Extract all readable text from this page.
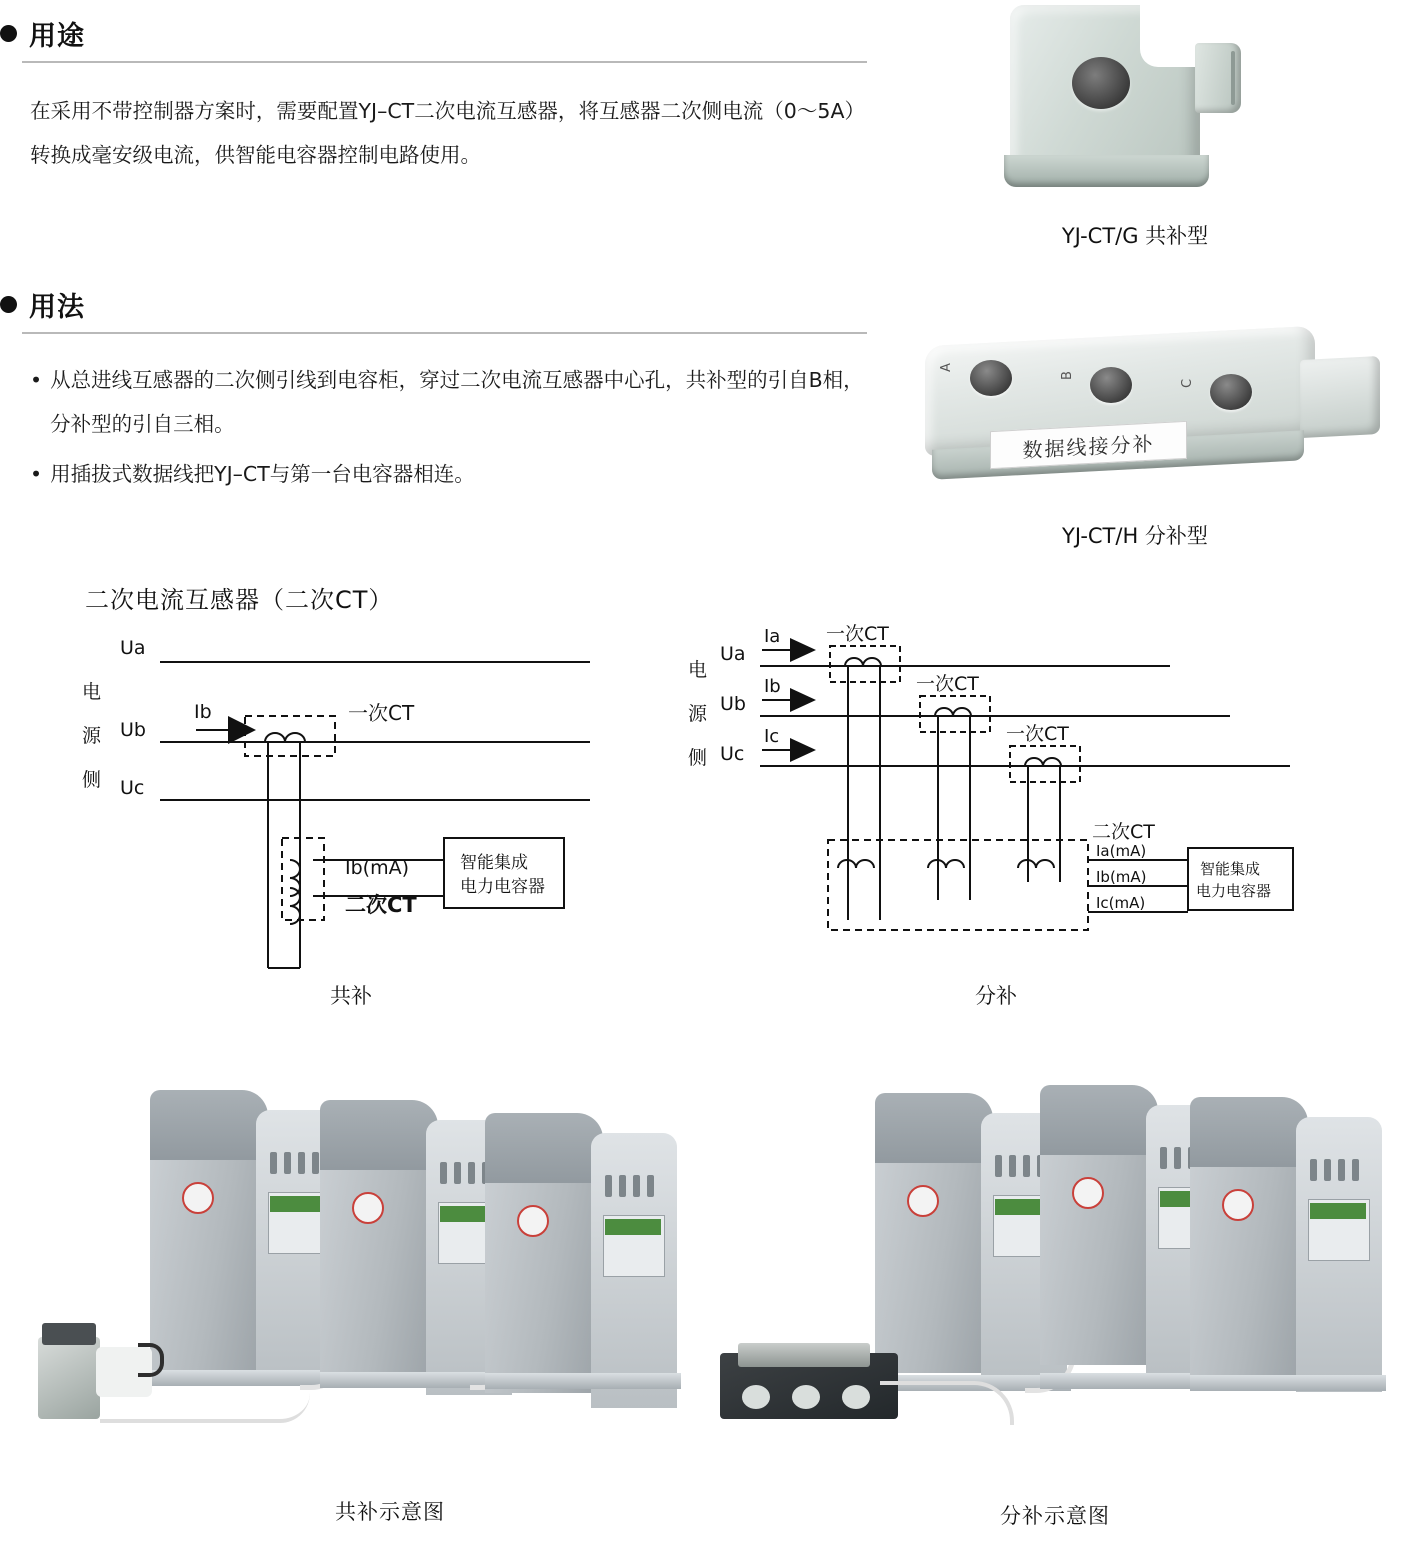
用途
在采用不带控制器方案时，需要配置YJ–CT二次电流互感器，将互感器二次侧电流（0～5A）转换成毫安级电流，供智能电容器控制电路使用。
用法
• 从总进线互感器的二次侧引线到电容柜，穿过二次电流互感器中心孔，共补型的引自B相，分补型的引自三相。
• 用插拔式数据线把YJ–CT与第一台电容器相连。
YJ-CT/G 共补型
A
B
C
数据线接分补
YJ-CT/H 分补型
二次电流互感器（二次CT）
Ua
Ub
Uc
电
源
侧
Ib	一次CT
Ib(mA)
二次CT
智能集成
电力电容器
Ua
Ub
Uc
电
源
侧
Ia
Ib
Ic
一次CT
一次CT
一次CT
二次CT
Ia(mA)
Ib(mA)
Ic(mA)
智能集成
电力电容器
共补	分补
共补示意图	分补示意图
